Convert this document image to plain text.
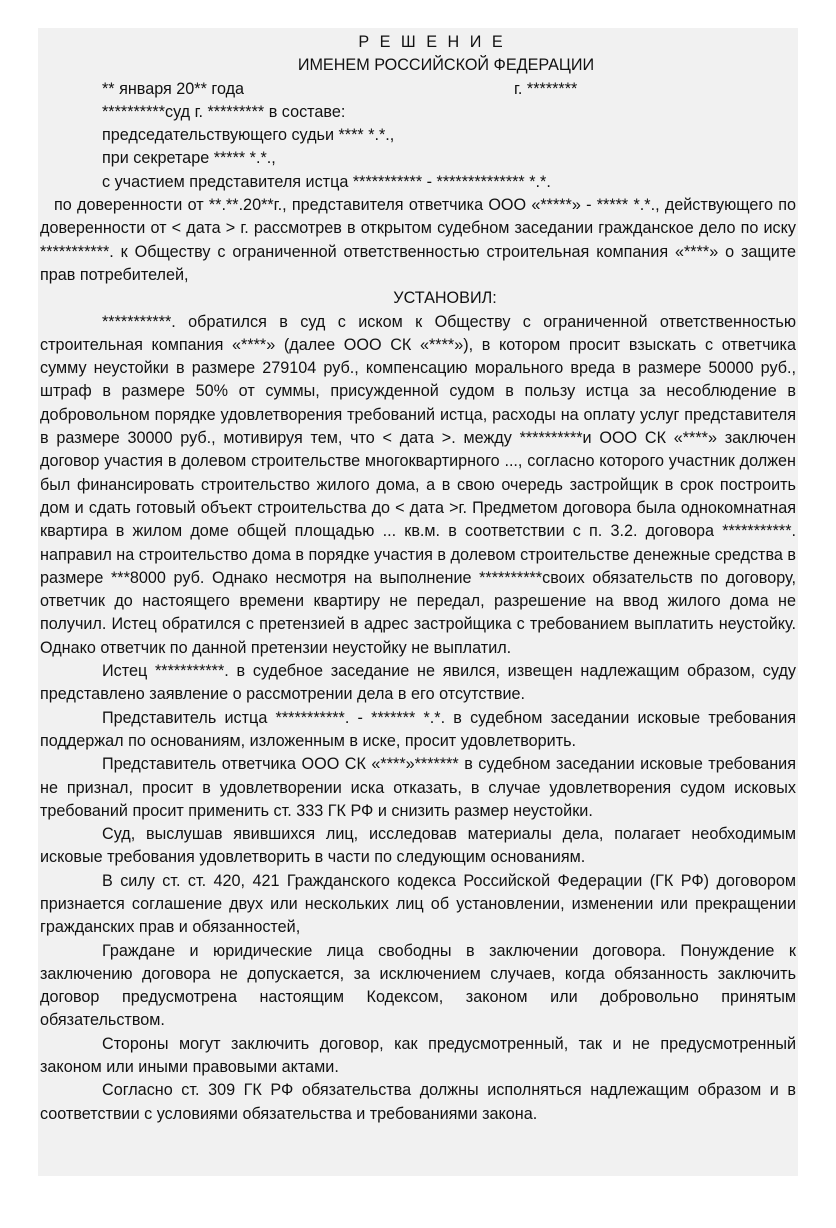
Р Е Ш Е Н И Е
ИМЕНЕМ РОССИЙСКОЙ ФЕДЕРАЦИИ
** января 20** года	г. ********
**********суд г. ********* в составе:
председательствующего судьи **** *.*.,
при секретаре ***** *.*.,
с участием представителя истца *********** - ************** *.*.

по доверенности от **.**.20**г., представителя ответчика ООО «*****» - ***** *.*., действующего по доверенности от < дата > г. рассмотрев в открытом судебном заседании гражданское дело по иску ***********. к Обществу с ограниченной ответственностью строительная компания «****» о защите прав потребителей,

УСТАНОВИЛ:

***********. обратился в суд с иском к Обществу с ограниченной ответственностью строительная компания «****» (далее ООО СК «****»), в котором просит взыскать с ответчика сумму неустойки в размере 279104 руб., компенсацию морального вреда в размере 50000 руб., штраф в размере 50% от суммы, присужденной судом в пользу истца за несоблюдение в добровольном порядке удовлетворения требований истца, расходы на оплату услуг представителя в размере 30000 руб., мотивируя тем, что < дата >. между **********и ООО СК «****» заключен договор участия в долевом строительстве многоквартирного ..., согласно которого участник должен был финансировать строительство жилого дома, а в свою очередь застройщик в срок построить дом и сдать готовый объект строительства до < дата >г. Предметом договора была однокомнатная квартира в жилом доме общей площадью ... кв.м. в соответствии с п. 3.2. договора ***********. направил на строительство дома в порядке участия в долевом строительстве денежные средства в размере ***8000 руб. Однако несмотря на выполнение **********своих обязательств по договору, ответчик до настоящего времени квартиру не передал, разрешение на ввод жилого дома не получил. Истец обратился с претензией в адрес застройщика с требованием выплатить неустойку. Однако ответчик по данной претензии неустойку не выплатил.

Истец ***********. в судебное заседание не явился, извещен надлежащим образом, суду представлено заявление о рассмотрении дела в его отсутствие.

Представитель истца ***********. - ******* *.*. в судебном заседании исковые требования поддержал по основаниям, изложенным в иске, просит удовлетворить.

Представитель ответчика ООО СК «****»******* в судебном заседании исковые требования не признал, просит в удовлетворении иска отказать, в случае удовлетворения судом исковых требований просит применить ст. 333 ГК РФ и снизить размер неустойки.

Суд, выслушав явившихся лиц, исследовав материалы дела, полагает необходимым исковые требования удовлетворить в части по следующим основаниям.

В силу ст. ст. 420, 421 Гражданского кодекса Российской Федерации (ГК РФ) договором признается соглашение двух или нескольких лиц об установлении, изменении или прекращении гражданских прав и обязанностей,

Граждане и юридические лица свободны в заключении договора. Понуждение к заключению договора не допускается, за исключением случаев, когда обязанность заключить договор предусмотрена настоящим Кодексом, законом или добровольно принятым обязательством.

Стороны могут заключить договор, как предусмотренный, так и не предусмотренный законом или иными правовыми актами.

Согласно ст. 309 ГК РФ обязательства должны исполняться надлежащим образом и в соответствии с условиями обязательства и требованиями закона.
